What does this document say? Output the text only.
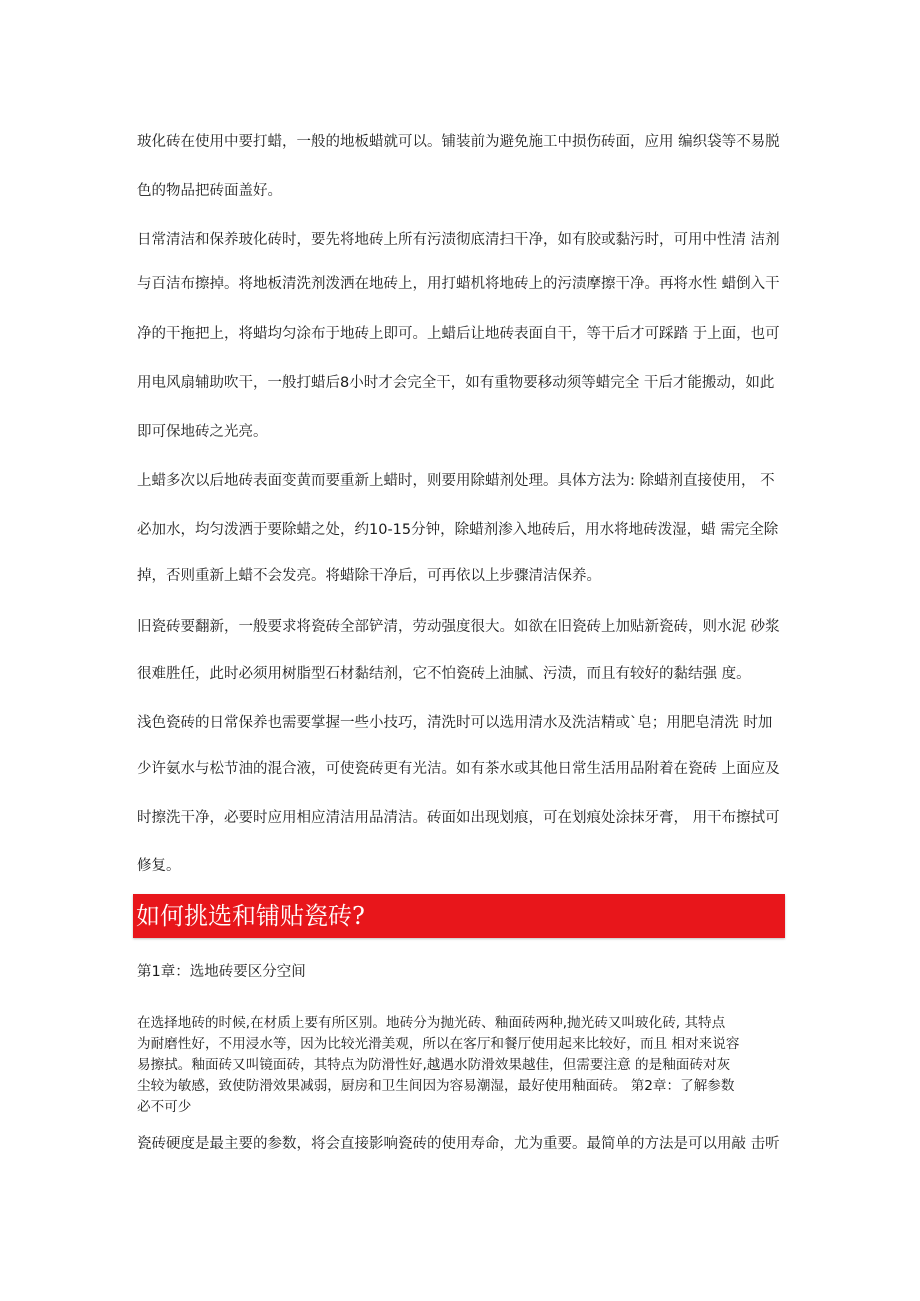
玻化砖在使用中要打蜡，一般的地板蜡就可以。铺装前为避免施工中损伤砖面，应用 编织袋等不易脱
色的物品把砖面盖好。
日常清洁和保养玻化砖时，要先将地砖上所有污渍彻底清扫干净，如有胶或黏污时，可用中性清 洁剂
与百洁布擦掉。将地板清洗剂泼洒在地砖上，用打蜡机将地砖上的污渍摩擦干净。再将水性 蜡倒入干
净的干拖把上，将蜡均匀涂布于地砖上即可。上蜡后让地砖表面自干，等干后才可踩踏 于上面，也可
用电风扇辅助吹干，一般打蜡后8小时才会完全干，如有重物要移动须等蜡完全 干后才能搬动，如此
即可保地砖之光亮。
上蜡多次以后地砖表面变黄而要重新上蜡时，则要用除蜡剂处理。具体方法为: 除蜡剂直接使用， 不
必加水，均匀泼洒于要除蜡之处，约10-15分钟，除蜡剂渗入地砖后，用水将地砖泼湿，蜡 需完全除
掉，否则重新上蜡不会发亮。将蜡除干净后，可再依以上步骤清洁保养。
旧瓷砖要翻新，一般要求将瓷砖全部铲清，劳动强度很大。如欲在旧瓷砖上加贴新瓷砖，则水泥 砂浆
很难胜任，此时必须用树脂型石材黏结剂，它不怕瓷砖上油腻、污渍，而且有较好的黏结强 度。
浅色瓷砖的日常保养也需要掌握一些小技巧，清洗时可以选用清水及洗洁精或`皂；用肥皂清洗 时加
少许氨水与松节油的混合液，可使瓷砖更有光洁。如有茶水或其他日常生活用品附着在瓷砖 上面应及
时擦洗干净，必要时应用相应清洁用品清洁。砖面如出现划痕，可在划痕处涂抹牙膏， 用干布擦拭可
修复。
如何挑选和铺贴瓷砖?
第1章：选地砖要区分空间
在选择地砖的时候,在材质上要有所区别。地砖分为抛光砖、釉面砖两种,抛光砖又叫玻化砖, 其特点
为耐磨性好，不用浸水等，因为比较光滑美观，所以在客厅和餐厅使用起来比较好，而且 相对来说容
易擦拭。釉面砖又叫镜面砖，其特点为防滑性好,越遇水防滑效果越佳，但需要注意 的是釉面砖对灰
尘较为敏感，致使防滑效果减弱，厨房和卫生间因为容易潮湿，最好使用釉面砖。 第2章：了解参数
必不可少
瓷砖硬度是最主要的参数，将会直接影响瓷砖的使用寿命，尤为重要。最简单的方法是可以用敲 击听
